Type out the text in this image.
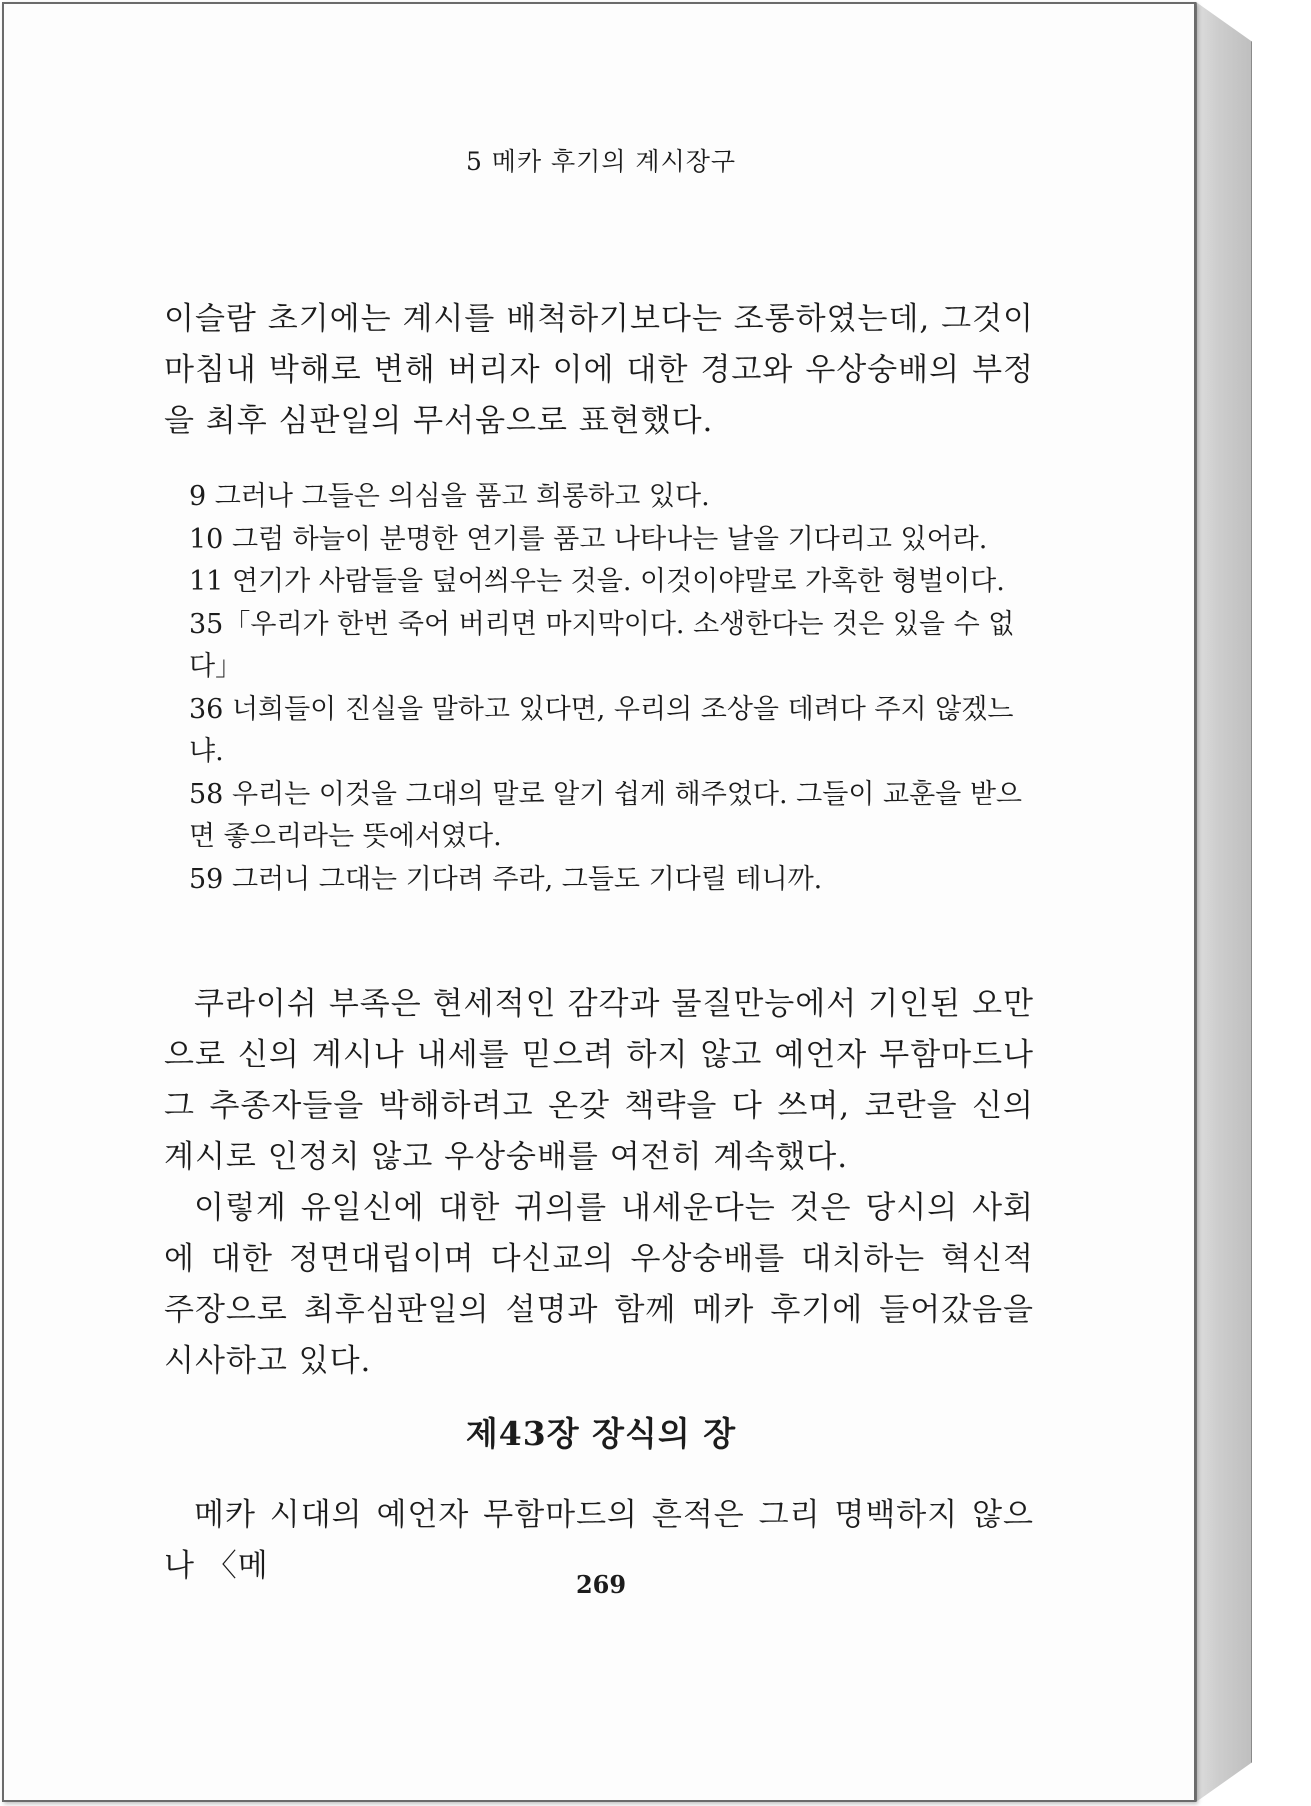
5 메카 후기의 계시장구

이슬람 초기에는 계시를 배척하기보다는 조롱하였는데, 그것이 마침내 박해로 변해 버리자 이에 대한 경고와 우상숭배의 부정을 최후 심판일의 무서움으로 표현했다.

9 그러나 그들은 의심을 품고 희롱하고 있다.

10 그럼 하늘이 분명한 연기를 품고 나타나는 날을 기다리고 있어라.

11 연기가 사람들을 덮어씌우는 것을. 이것이야말로 가혹한 형벌이다.

35「우리가 한번 죽어 버리면 마지막이다. 소생한다는 것은 있을 수 없다」

36 너희들이 진실을 말하고 있다면, 우리의 조상을 데려다 주지 않겠느냐.

58 우리는 이것을 그대의 말로 알기 쉽게 해주었다. 그들이 교훈을 받으면 좋으리라는 뜻에서였다.

59 그러니 그대는 기다려 주라, 그들도 기다릴 테니까.

쿠라이쉬 부족은 현세적인 감각과 물질만능에서 기인된 오만으로 신의 계시나 내세를 믿으려 하지 않고 예언자 무함마드나 그 추종자들을 박해하려고 온갖 책략을 다 쓰며, 코란을 신의 계시로 인정치 않고 우상숭배를 여전히 계속했다.

이렇게 유일신에 대한 귀의를 내세운다는 것은 당시의 사회에 대한 정면대립이며 다신교의 우상숭배를 대치하는 혁신적 주장으로 최후심판일의 설명과 함께 메카 후기에 들어갔음을 시사하고 있다.

제43장 장식의 장

메카 시대의 예언자 무함마드의 흔적은 그리 명백하지 않으나 〈메

269
